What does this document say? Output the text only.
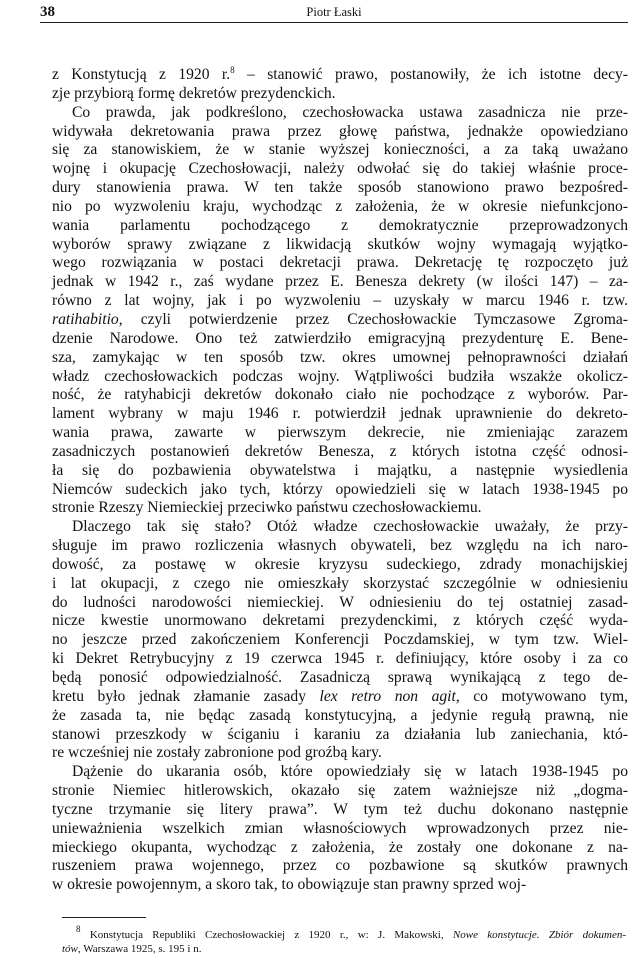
38	Piotr Łaski
z Konstytucją z 1920 r.$^8$ – stanowić prawo, postanowiły, że ich istotne decy-
zje przybiorą formę dekretów prezydenckich.
Co prawda, jak podkreślono, czechosłowacka ustawa zasadnicza nie prze-
widywała dekretowania prawa przez głowę państwa, jednakże opowiedziano
się za stanowiskiem, że w stanie wyższej konieczności, a za taką uważano
wojnę i okupację Czechosłowacji, należy odwołać się do takiej właśnie proce-
dury stanowienia prawa. W ten także sposób stanowiono prawo bezpośred-
nio po wyzwoleniu kraju, wychodząc z założenia, że w okresie niefunkcjono-
wania parlamentu pochodzącego z demokratycznie przeprowadzonych
wyborów sprawy związane z likwidacją skutków wojny wymagają wyjątko-
wego rozwiązania w postaci dekretacji prawa. Dekretację tę rozpoczęto już
jednak w 1942 r., zaś wydane przez E. Benesza dekrety (w ilości 147) – za-
równo z lat wojny, jak i po wyzwoleniu – uzyskały w marcu 1946 r. tzw.
ratihabitio, czyli potwierdzenie przez Czechosłowackie Tymczasowe Zgroma-
dzenie Narodowe. Ono też zatwierdziło emigracyjną prezydenturę E. Bene-
sza, zamykając w ten sposób tzw. okres umownej pełnoprawności działań
władz czechosłowackich podczas wojny. Wątpliwości budziła wszakże okolicz-
ność, że ratyhabicji dekretów dokonało ciało nie pochodzące z wyborów. Par-
lament wybrany w maju 1946 r. potwierdził jednak uprawnienie do dekreto-
wania prawa, zawarte w pierwszym dekrecie, nie zmieniając zarazem
zasadniczych postanowień dekretów Benesza, z których istotna część odnosi-
ła się do pozbawienia obywatelstwa i majątku, a następnie wysiedlenia
Niemców sudeckich jako tych, którzy opowiedzieli się w latach 1938-1945 po
stronie Rzeszy Niemieckiej przeciwko państwu czechosłowackiemu.
Dlaczego tak się stało? Otóż władze czechosłowackie uważały, że przy-
sługuje im prawo rozliczenia własnych obywateli, bez względu na ich naro-
dowość, za postawę w okresie kryzysu sudeckiego, zdrady monachijskiej
i lat okupacji, z czego nie omieszkały skorzystać szczególnie w odniesieniu
do ludności narodowości niemieckiej. W odniesieniu do tej ostatniej zasad-
nicze kwestie unormowano dekretami prezydenckimi, z których część wyda-
no jeszcze przed zakończeniem Konferencji Poczdamskiej, w tym tzw. Wiel-
ki Dekret Retrybucyjny z 19 czerwca 1945 r. definiujący, które osoby i za co
będą ponosić odpowiedzialność. Zasadniczą sprawą wynikającą z tego de-
kretu było jednak złamanie zasady lex retro non agit, co motywowano tym,
że zasada ta, nie będąc zasadą konstytucyjną, a jedynie regułą prawną, nie
stanowi przeszkody w ściganiu i karaniu za działania lub zaniechania, któ-
re wcześniej nie zostały zabronione pod groźbą kary.
Dążenie do ukarania osób, które opowiedziały się w latach 1938-1945 po
stronie Niemiec hitlerowskich, okazało się zatem ważniejsze niż „dogma-
tyczne trzymanie się litery prawa”. W tym też duchu dokonano następnie
unieważnienia wszelkich zmian własnościowych wprowadzonych przez nie-
mieckiego okupanta, wychodząc z założenia, że zostały one dokonane z na-
ruszeniem prawa wojennego, przez co pozbawione są skutków prawnych
w okresie powojennym, a skoro tak, to obowiązuje stan prawny sprzed woj-
$^8$ Konstytucja Republiki Czechosłowackiej z 1920 r., w: J. Makowski, Nowe konstytucje. Zbiór dokumen-
tów, Warszawa 1925, s. 195 i n.
